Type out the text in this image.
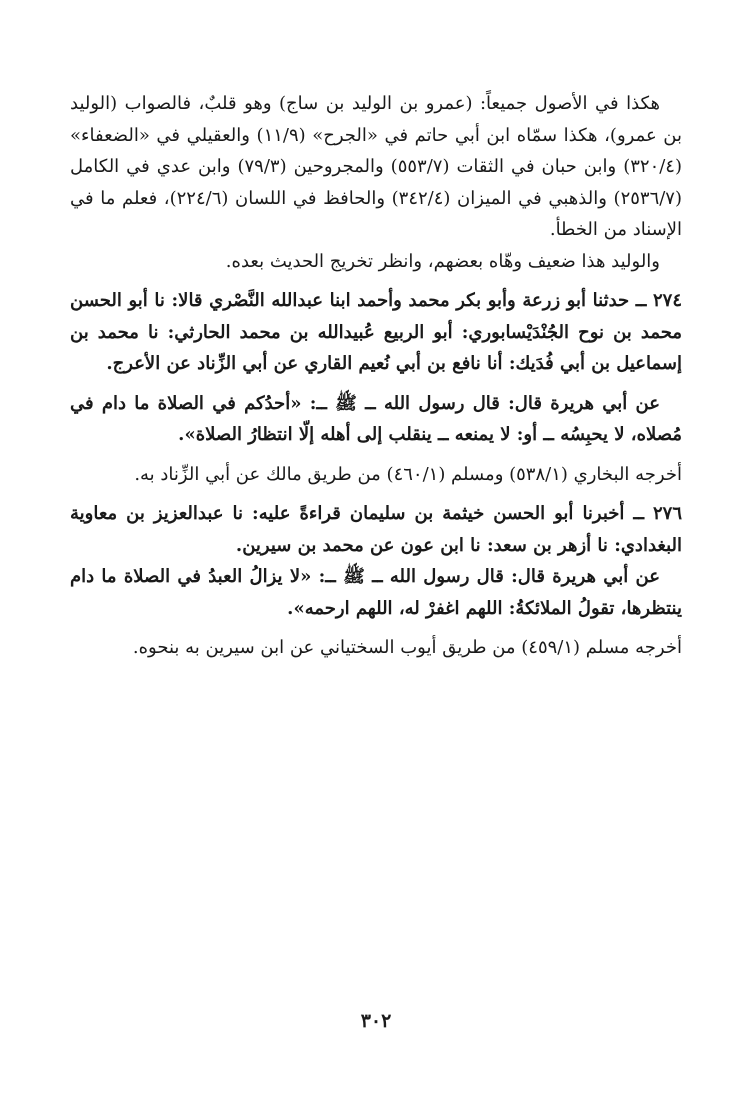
هكذا في الأصول جميعاً: (عمرو بن الوليد بن ساج) وهو قلبٌ، فالصواب (الوليد بن عمرو)، هكذا سمّاه ابن أبي حاتم في «الجرح» (١١/٩) والعقيلي في «الضعفاء» (٣٢٠/٤) وابن حبان في الثقات (٥٥٣/٧) والمجروحين (٧٩/٣) وابن عدي في الكامل (٢٥٣٦/٧) والذهبي في الميزان (٣٤٢/٤) والحافظ في اللسان (٢٢٤/٦)، فعلم ما في الإسناد من الخطأ.

والوليد هذا ضعيف وهّاه بعضهم، وانظر تخريج الحديث بعده.

٢٧٤ ــ حدثنا أبو زرعة وأبو بكر محمد وأحمد ابنا عبدالله النَّصْري قالا: نا أبو الحسن محمد بن نوح الجُنْدَيْسابوري: أبو الربيع عُبيدالله بن محمد الحارثي: نا محمد بن إسماعيل بن أبي فُدَيك: أنا نافع بن أبي نُعيم القاري عن أبي الزِّناد عن الأعرج.

عن أبي هريرة قال: قال رسول الله ــ ﷺ ــ: «أحدُكم في الصلاة ما دام في مُصلاه، لا يحبِسُه ــ أو: لا يمنعه ــ ينقلب إلى أهله إلّا انتظارُ الصلاة».

أخرجه البخاري (٥٣٨/١) ومسلم (٤٦٠/١) من طريق مالك عن أبي الزِّناد به.

٢٧٦ ــ أخبرنا أبو الحسن خيثمة بن سليمان قراءةً عليه: نا عبدالعزيز بن معاوية البغدادي: نا أزهر بن سعد: نا ابن عون عن محمد بن سيرين.

عن أبي هريرة قال: قال رسول الله ــ ﷺ ــ: «لا يزالُ العبدُ في الصلاة ما دام ينتظرها، تقولُ الملائكةُ: اللهم اغفرْ له، اللهم ارحمه».

أخرجه مسلم (٤٥٩/١) من طريق أيوب السختياني عن ابن سيرين به بنحوه.

٣٠٢
